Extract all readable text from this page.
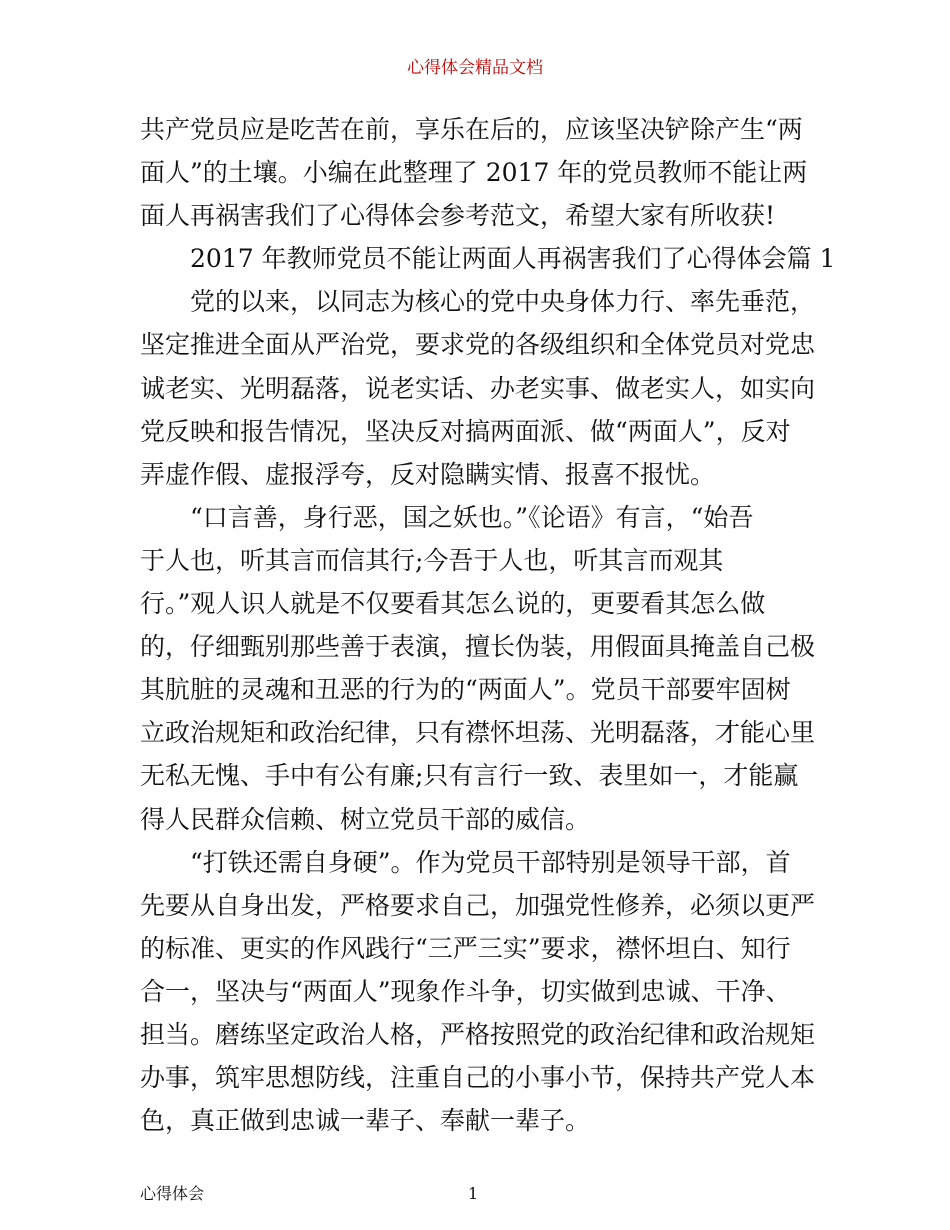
心得体会精品文档
共产党员应是吃苦在前，享乐在后的，应该坚决铲除产生“两
面人”的土壤。小编在此整理了 2017 年的党员教师不能让两
面人再祸害我们了心得体会参考范文，希望大家有所收获!
2017 年教师党员不能让两面人再祸害我们了心得体会篇 1
党的以来，以同志为核心的党中央身体力行、率先垂范，
坚定推进全面从严治党，要求党的各级组织和全体党员对党忠
诚老实、光明磊落，说老实话、办老实事、做老实人，如实向
党反映和报告情况，坚决反对搞两面派、做“两面人”，反对
弄虚作假、虚报浮夸，反对隐瞒实情、报喜不报忧。
“口言善，身行恶，国之妖也。”《论语》有言，“始吾
于人也，听其言而信其行;今吾于人也，听其言而观其
行。”观人识人就是不仅要看其怎么说的，更要看其怎么做
的，仔细甄别那些善于表演，擅长伪装，用假面具掩盖自己极
其肮脏的灵魂和丑恶的行为的“两面人”。党员干部要牢固树
立政治规矩和政治纪律，只有襟怀坦荡、光明磊落，才能心里
无私无愧、手中有公有廉;只有言行一致、表里如一，才能赢
得人民群众信赖、树立党员干部的威信。
“打铁还需自身硬”。作为党员干部特别是领导干部，首
先要从自身出发，严格要求自己，加强党性修养，必须以更严
的标准、更实的作风践行“三严三实”要求，襟怀坦白、知行
合一，坚决与“两面人”现象作斗争，切实做到忠诚、干净、
担当。磨练坚定政治人格，严格按照党的政治纪律和政治规矩
办事，筑牢思想防线，注重自己的小事小节，保持共产党人本
色，真正做到忠诚一辈子、奉献一辈子。
心得体会	1
